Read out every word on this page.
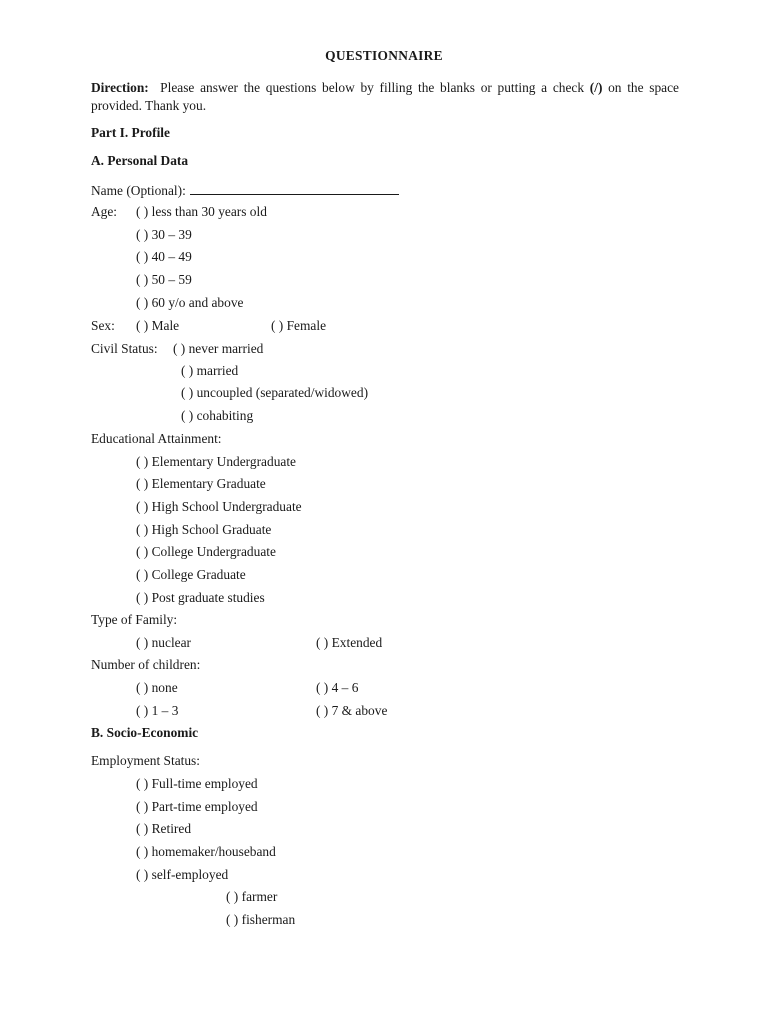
QUESTIONNAIRE
Direction: Please answer the questions below by filling the blanks or putting a check (/) on the space provided. Thank you.
Part I. Profile
A. Personal Data
Name (Optional):
Age: ( ) less than 30 years old
( ) 30 – 39
( ) 40 – 49
( ) 50 – 59
( ) 60 y/o and above
Sex: ( ) Male	( ) Female
Civil Status: ( ) never married
( ) married
( ) uncoupled (separated/widowed)
( ) cohabiting
Educational Attainment:
( ) Elementary Undergraduate
( ) Elementary Graduate
( ) High School Undergraduate
( ) High School Graduate
( ) College Undergraduate
( ) College Graduate
( ) Post graduate studies
Type of Family:
( ) nuclear	( ) Extended
Number of children:
( ) none	( ) 4 – 6
( ) 1 – 3	( ) 7 & above
B. Socio-Economic
Employment Status:
( ) Full-time employed
( ) Part-time employed
( ) Retired
( ) homemaker/houseband
( ) self-employed
( ) farmer
( ) fisherman
